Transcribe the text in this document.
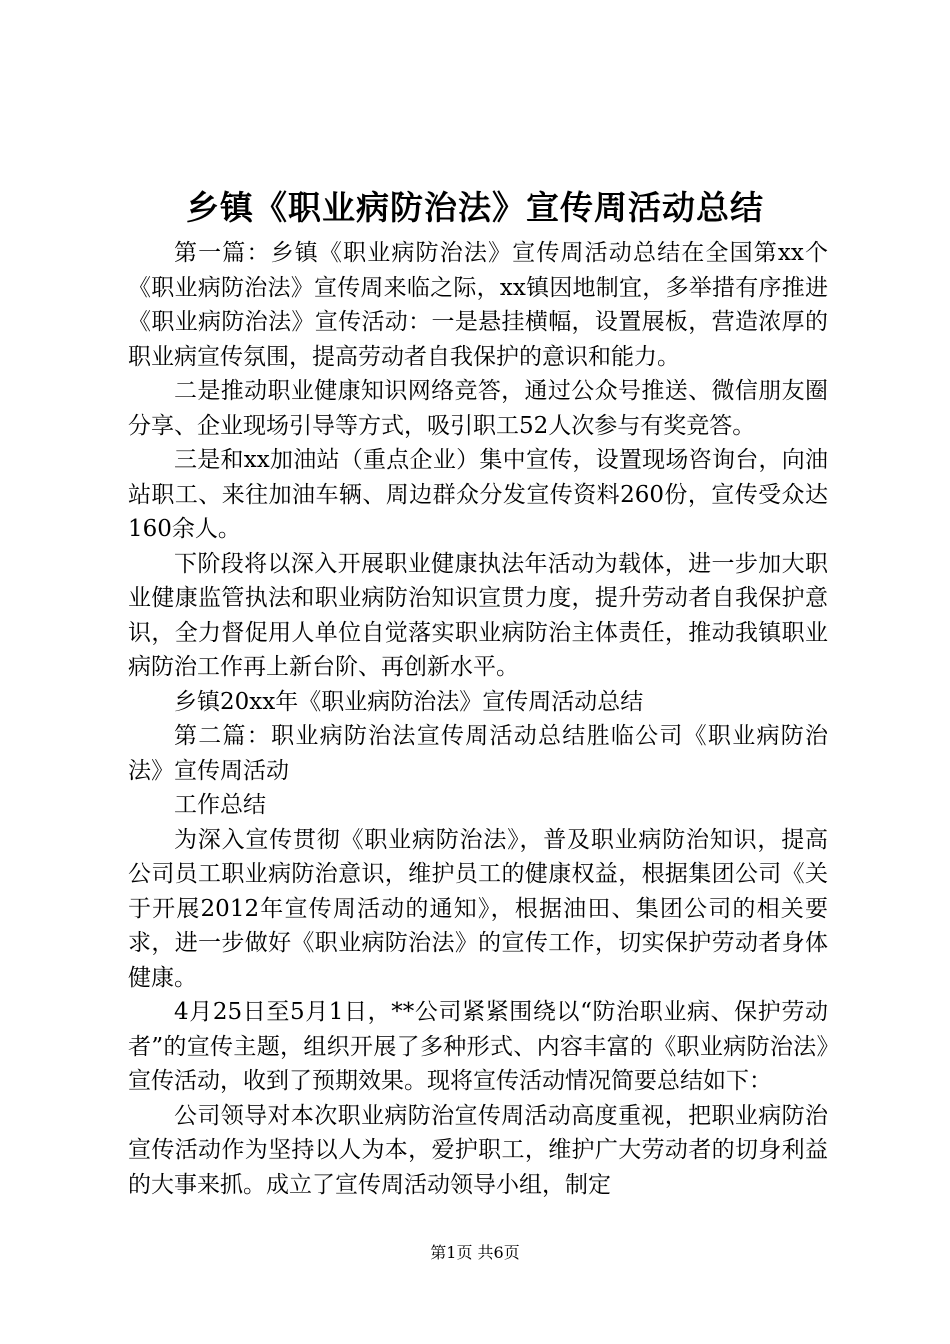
乡镇《职业病防治法》宣传周活动总结

第一篇：乡镇《职业病防治法》宣传周活动总结在全国第xx个《职业病防治法》宣传周来临之际，xx镇因地制宜，多举措有序推进《职业病防治法》宣传活动：一是悬挂横幅，设置展板，营造浓厚的职业病宣传氛围，提高劳动者自我保护的意识和能力。

二是推动职业健康知识网络竞答，通过公众号推送、微信朋友圈分享、企业现场引导等方式，吸引职工52人次参与有奖竞答。

三是和xx加油站（重点企业）集中宣传，设置现场咨询台，向油站职工、来往加油车辆、周边群众分发宣传资料260份，宣传受众达160余人。

下阶段将以深入开展职业健康执法年活动为载体，进一步加大职业健康监管执法和职业病防治知识宣贯力度，提升劳动者自我保护意识，全力督促用人单位自觉落实职业病防治主体责任，推动我镇职业病防治工作再上新台阶、再创新水平。

乡镇20xx年《职业病防治法》宣传周活动总结

第二篇：职业病防治法宣传周活动总结胜临公司《职业病防治法》宣传周活动

工作总结

为深入宣传贯彻《职业病防治法》，普及职业病防治知识，提高公司员工职业病防治意识，维护员工的健康权益，根据集团公司《关于开展2012年宣传周活动的通知》，根据油田、集团公司的相关要求，进一步做好《职业病防治法》的宣传工作，切实保护劳动者身体健康。

4月25日至5月1日，**公司紧紧围绕以“防治职业病、保护劳动者”的宣传主题，组织开展了多种形式、内容丰富的《职业病防治法》宣传活动，收到了预期效果。现将宣传活动情况简要总结如下：

公司领导对本次职业病防治宣传周活动高度重视，把职业病防治宣传活动作为坚持以人为本，爱护职工，维护广大劳动者的切身利益的大事来抓。成立了宣传周活动领导小组，制定

第1页 共6页
